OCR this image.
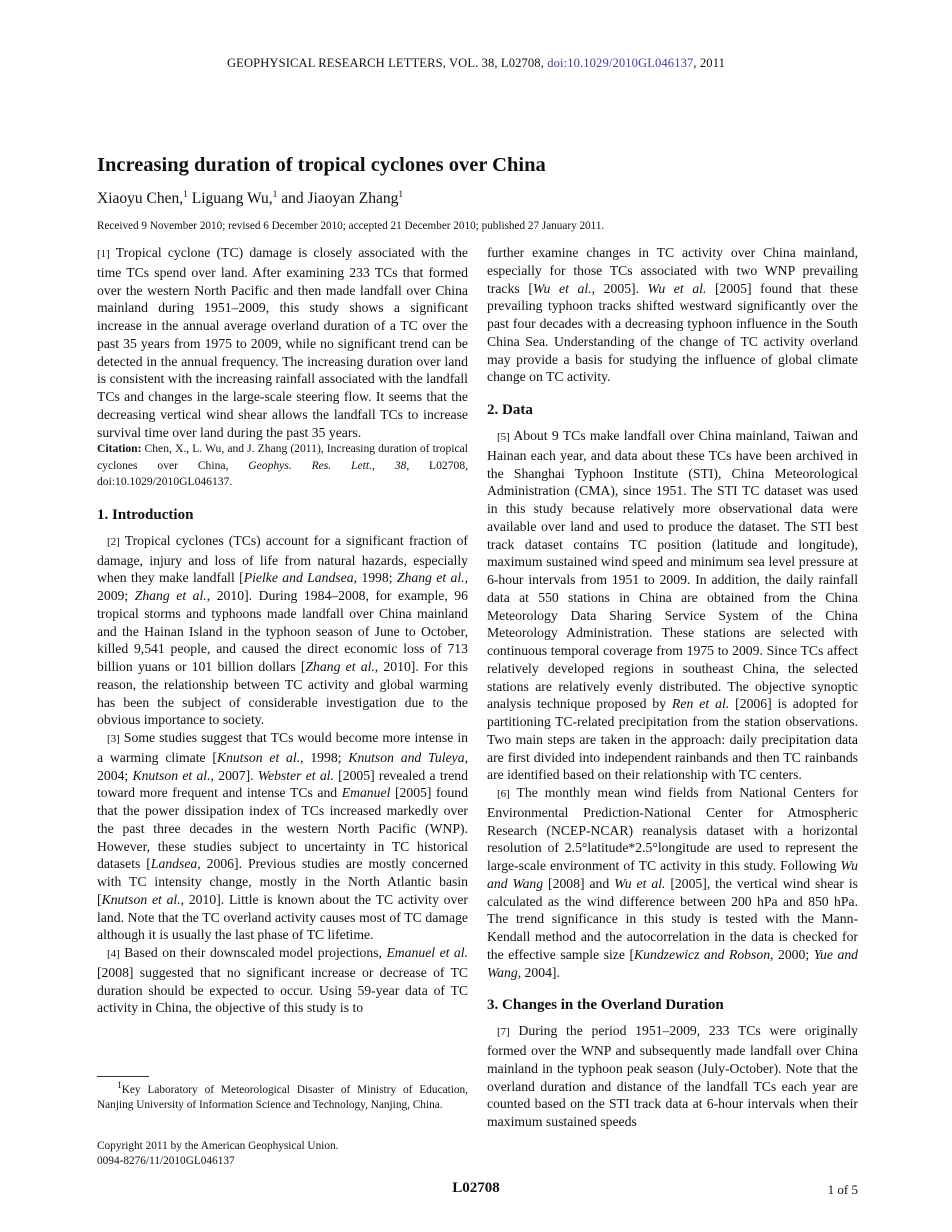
GEOPHYSICAL RESEARCH LETTERS, VOL. 38, L02708, doi:10.1029/2010GL046137, 2011
Increasing duration of tropical cyclones over China
Xiaoyu Chen,$^1$ Liguang Wu,$^1$ and Jiaoyan Zhang$^1$
Received 9 November 2010; revised 6 December 2010; accepted 21 December 2010; published 27 January 2011.

[1] Tropical cyclone (TC) damage is closely associated with the time TCs spend over land. After examining 233 TCs that formed over the western North Pacific and then made landfall over China mainland during 1951–2009, this study shows a significant increase in the annual average overland duration of a TC over the past 35 years from 1975 to 2009, while no significant trend can be detected in the annual frequency. The increasing duration over land is consistent with the increasing rainfall associated with the landfall TCs and changes in the large-scale steering flow. It seems that the decreasing vertical wind shear allows the landfall TCs to increase survival time over land during the past 35 years.

Citation: Chen, X., L. Wu, and J. Zhang (2011), Increasing duration of tropical cyclones over China, Geophys. Res. Lett., 38, L02708, doi:10.1029/2010GL046137.

1. Introduction

[2] Tropical cyclones (TCs) account for a significant fraction of damage, injury and loss of life from natural hazards, especially when they make landfall [Pielke and Landsea, 1998; Zhang et al., 2009; Zhang et al., 2010]. During 1984–2008, for example, 96 tropical storms and typhoons made landfall over China mainland and the Hainan Island in the typhoon season of June to October, killed 9,541 people, and caused the direct economic loss of 713 billion yuans or 101 billion dollars [Zhang et al., 2010]. For this reason, the relationship between TC activity and global warming has been the subject of considerable investigation due to the obvious importance to society.

[3] Some studies suggest that TCs would become more intense in a warming climate [Knutson et al., 1998; Knutson and Tuleya, 2004; Knutson et al., 2007]. Webster et al. [2005] revealed a trend toward more frequent and intense TCs and Emanuel [2005] found that the power dissipation index of TCs increased markedly over the past three decades in the western North Pacific (WNP). However, these studies subject to uncertainty in TC historical datasets [Landsea, 2006]. Previous studies are mostly concerned with TC intensity change, mostly in the North Atlantic basin [Knutson et al., 2010]. Little is known about the TC activity over land. Note that the TC overland activity causes most of TC damage although it is usually the last phase of TC lifetime.

[4] Based on their downscaled model projections, Emanuel et al. [2008] suggested that no significant increase or decrease of TC duration should be expected to occur. Using 59-year data of TC activity in China, the objective of this study is to

further examine changes in TC activity over China mainland, especially for those TCs associated with two WNP prevailing tracks [Wu et al., 2005]. Wu et al. [2005] found that these prevailing typhoon tracks shifted westward significantly over the past four decades with a decreasing typhoon influence in the South China Sea. Understanding of the change of TC activity overland may provide a basis for studying the influence of global climate change on TC activity.

2. Data

[5] About 9 TCs make landfall over China mainland, Taiwan and Hainan each year, and data about these TCs have been archived in the Shanghai Typhoon Institute (STI), China Meteorological Administration (CMA), since 1951. The STI TC dataset was used in this study because relatively more observational data were available over land and used to produce the dataset. The STI best track dataset contains TC position (latitude and longitude), maximum sustained wind speed and minimum sea level pressure at 6-hour intervals from 1951 to 2009. In addition, the daily rainfall data at 550 stations in China are obtained from the China Meteorology Data Sharing Service System of the China Meteorology Administration. These stations are selected with continuous temporal coverage from 1975 to 2009. Since TCs affect relatively developed regions in southeast China, the selected stations are relatively evenly distributed. The objective synoptic analysis technique proposed by Ren et al. [2006] is adopted for partitioning TC-related precipitation from the station observations. Two main steps are taken in the approach: daily precipitation data are first divided into independent rainbands and then TC rainbands are identified based on their relationship with TC centers.

[6] The monthly mean wind fields from National Centers for Environmental Prediction-National Center for Atmospheric Research (NCEP-NCAR) reanalysis dataset with a horizontal resolution of 2.5°latitude*2.5°longitude are used to represent the large-scale environment of TC activity in this study. Following Wu and Wang [2008] and Wu et al. [2005], the vertical wind shear is calculated as the wind difference between 200 hPa and 850 hPa. The trend significance in this study is tested with the Mann-Kendall method and the autocorrelation in the data is checked for the effective sample size [Kundzewicz and Robson, 2000; Yue and Wang, 2004].

3. Changes in the Overland Duration

[7] During the period 1951–2009, 233 TCs were originally formed over the WNP and subsequently made landfall over China mainland in the typhoon peak season (July-October). Note that the overland duration and distance of the landfall TCs each year are counted based on the STI track data at 6-hour intervals when their maximum sustained speeds

$^1$Key Laboratory of Meteorological Disaster of Ministry of Education, Nanjing University of Information Science and Technology, Nanjing, China.
Copyright 2011 by the American Geophysical Union.
0094-8276/11/2010GL046137
L02708	1 of 5
